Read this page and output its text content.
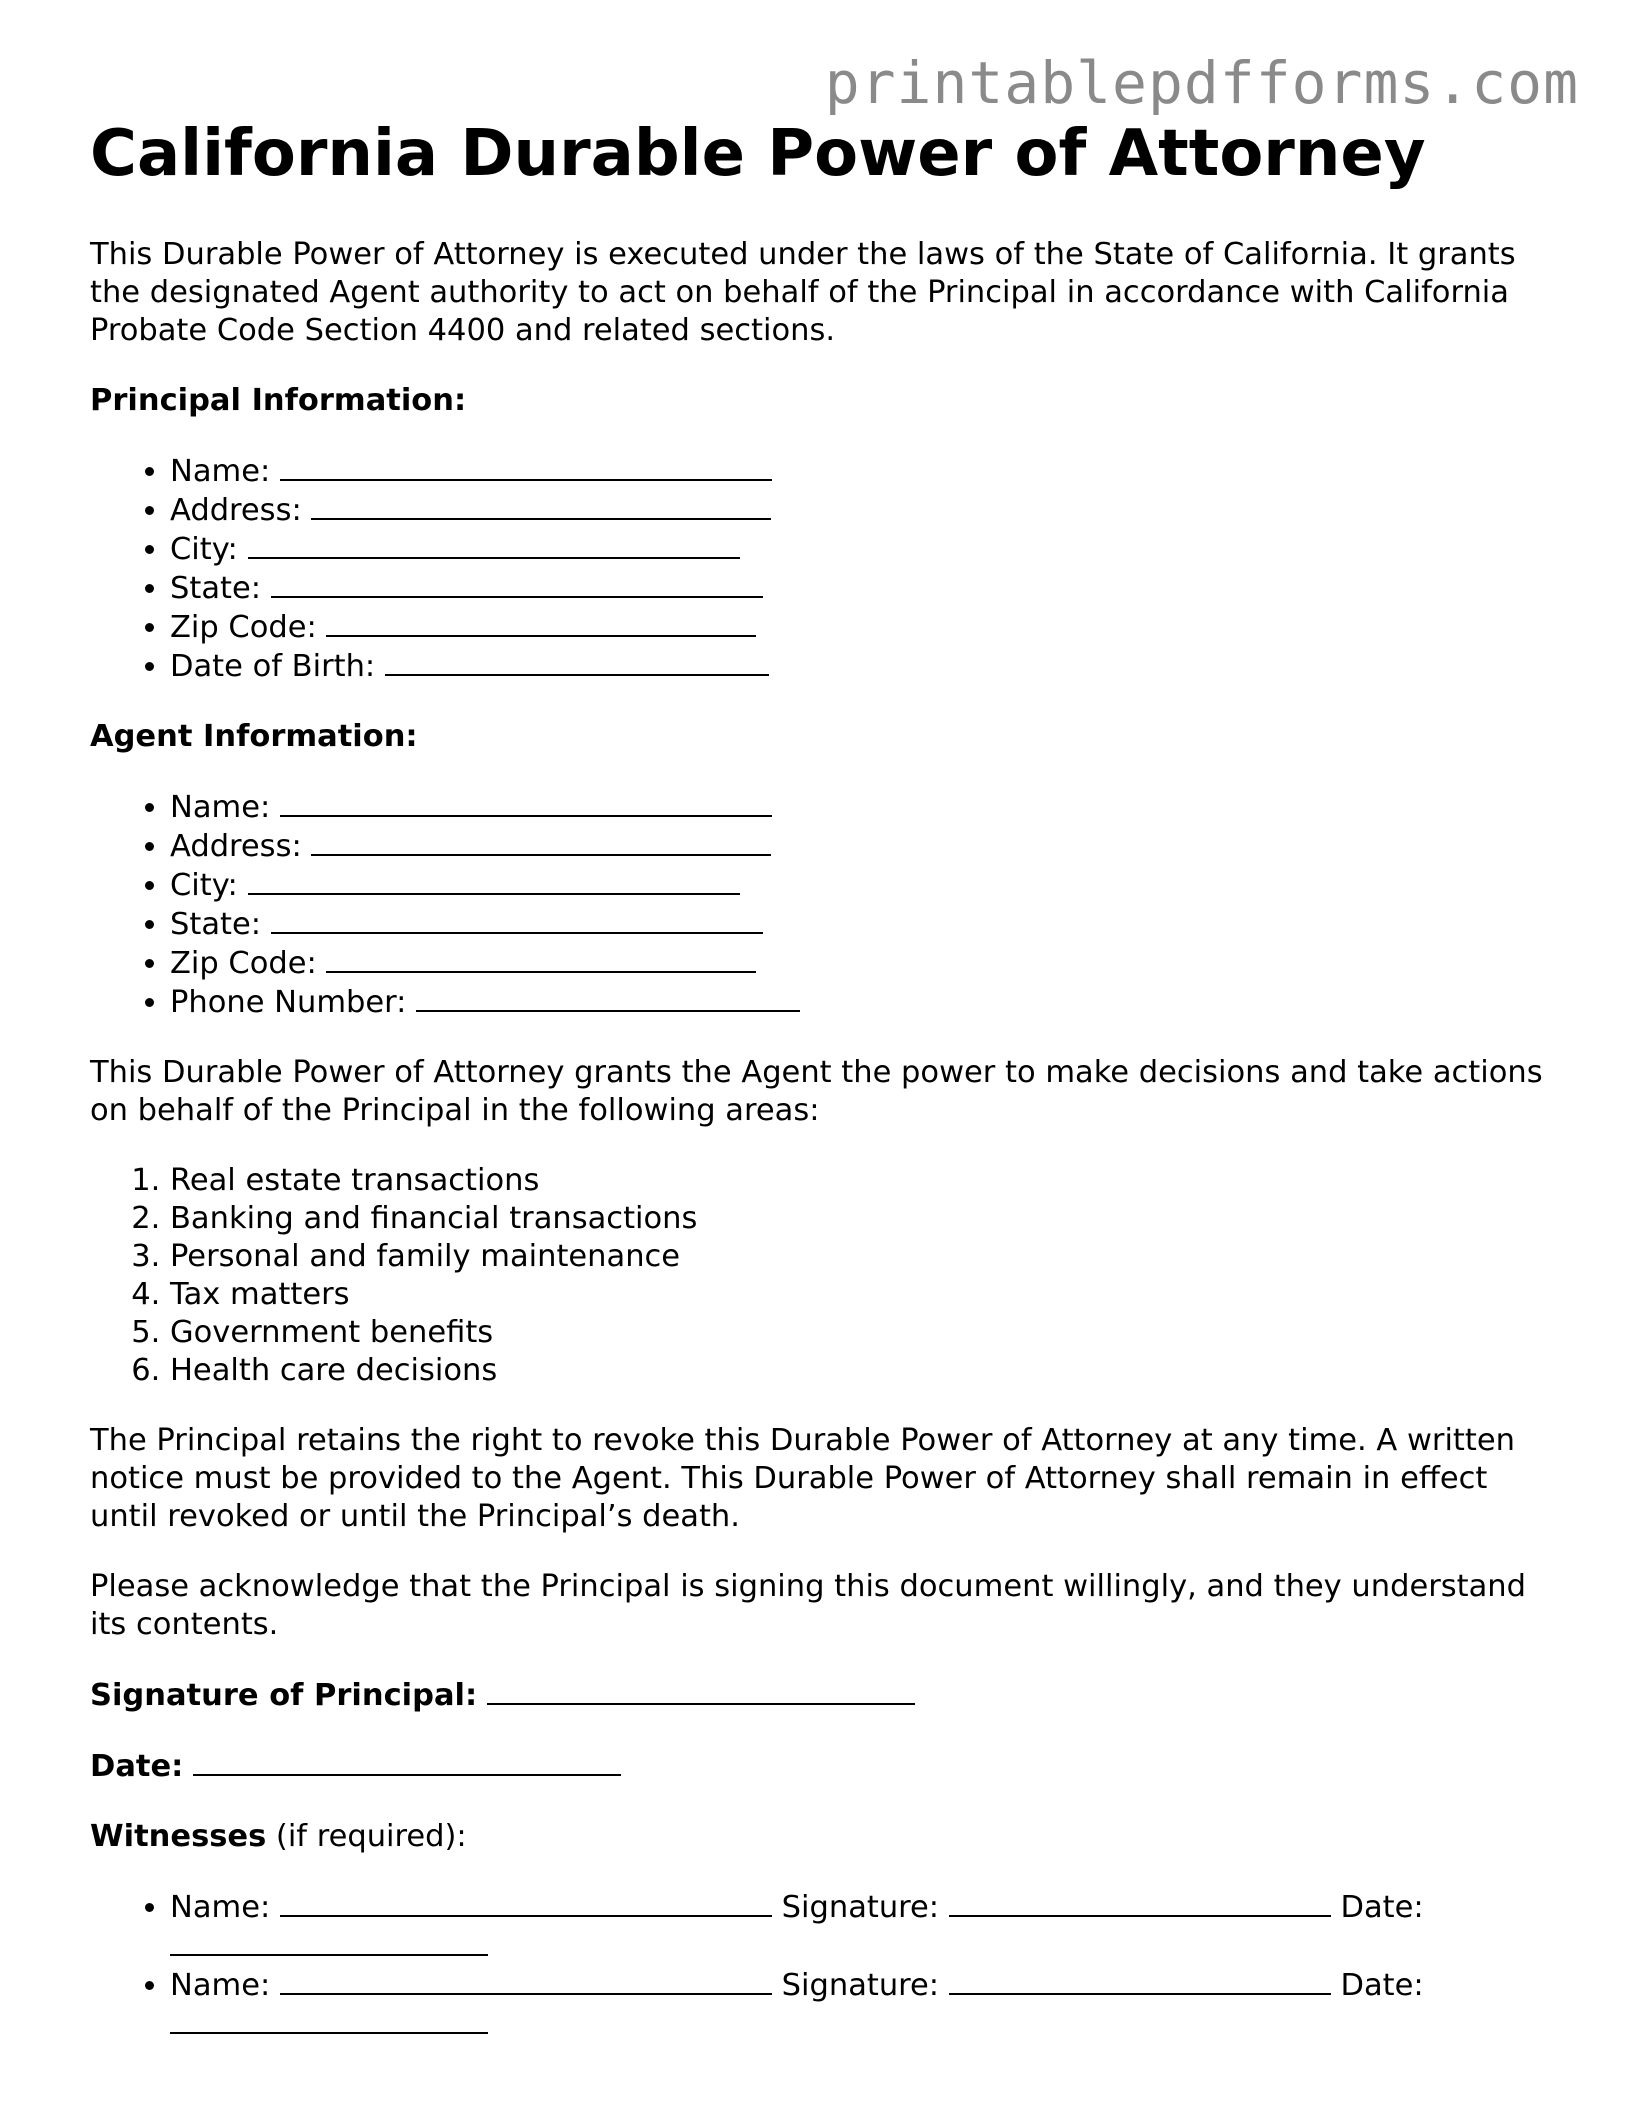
printablepdfforms.com
California Durable Power of Attorney

This Durable Power of Attorney is executed under the laws of the State of California. It grants the designated Agent authority to act on behalf of the Principal in accordance with California Probate Code Section 4400 and related sections.

Principal Information:

• Name:
• Address:
• City:
• State:
• Zip Code:
• Date of Birth:

Agent Information:

• Name:
• Address:
• City:
• State:
• Zip Code:
• Phone Number:

This Durable Power of Attorney grants the Agent the power to make decisions and take actions on behalf of the Principal in the following areas:

1. Real estate transactions
2. Banking and financial transactions
3. Personal and family maintenance
4. Tax matters
5. Government benefits
6. Health care decisions

The Principal retains the right to revoke this Durable Power of Attorney at any time. A written notice must be provided to the Agent. This Durable Power of Attorney shall remain in effect until revoked or until the Principal’s death.

Please acknowledge that the Principal is signing this document willingly, and they understand its contents.

Signature of Principal:

Date:

Witnesses (if required):

• Name:	Signature:	Date:
• Name:	Signature:	Date:
